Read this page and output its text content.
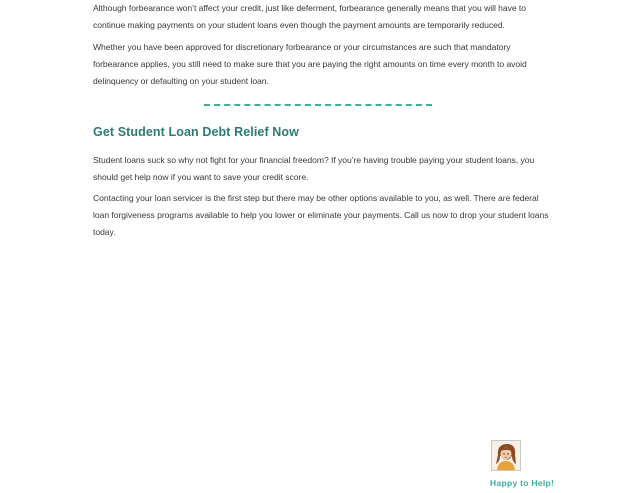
Although forbearance won’t affect your credit, just like deferment, forbearance generally means that you will have to continue making payments on your student loans even though the payment amounts are temporarily reduced.

Whether you have been approved for discretionary forbearance or your circumstances are such that mandatory forbearance applies, you still need to make sure that you are paying the right amounts on time every month to avoid delinquency or defaulting on your student loan.

Get Student Loan Debt Relief Now

Student loans suck so why not fight for your financial freedom? If you’re having trouble paying your student loans, you should get help now if you want to save your credit score.

Contacting your loan servicer is the first step but there may be other options available to you, as well. There are federal loan forgiveness programs available to help you lower or eliminate your payments. Call us now to drop your student loans today.

Happy to Help!
